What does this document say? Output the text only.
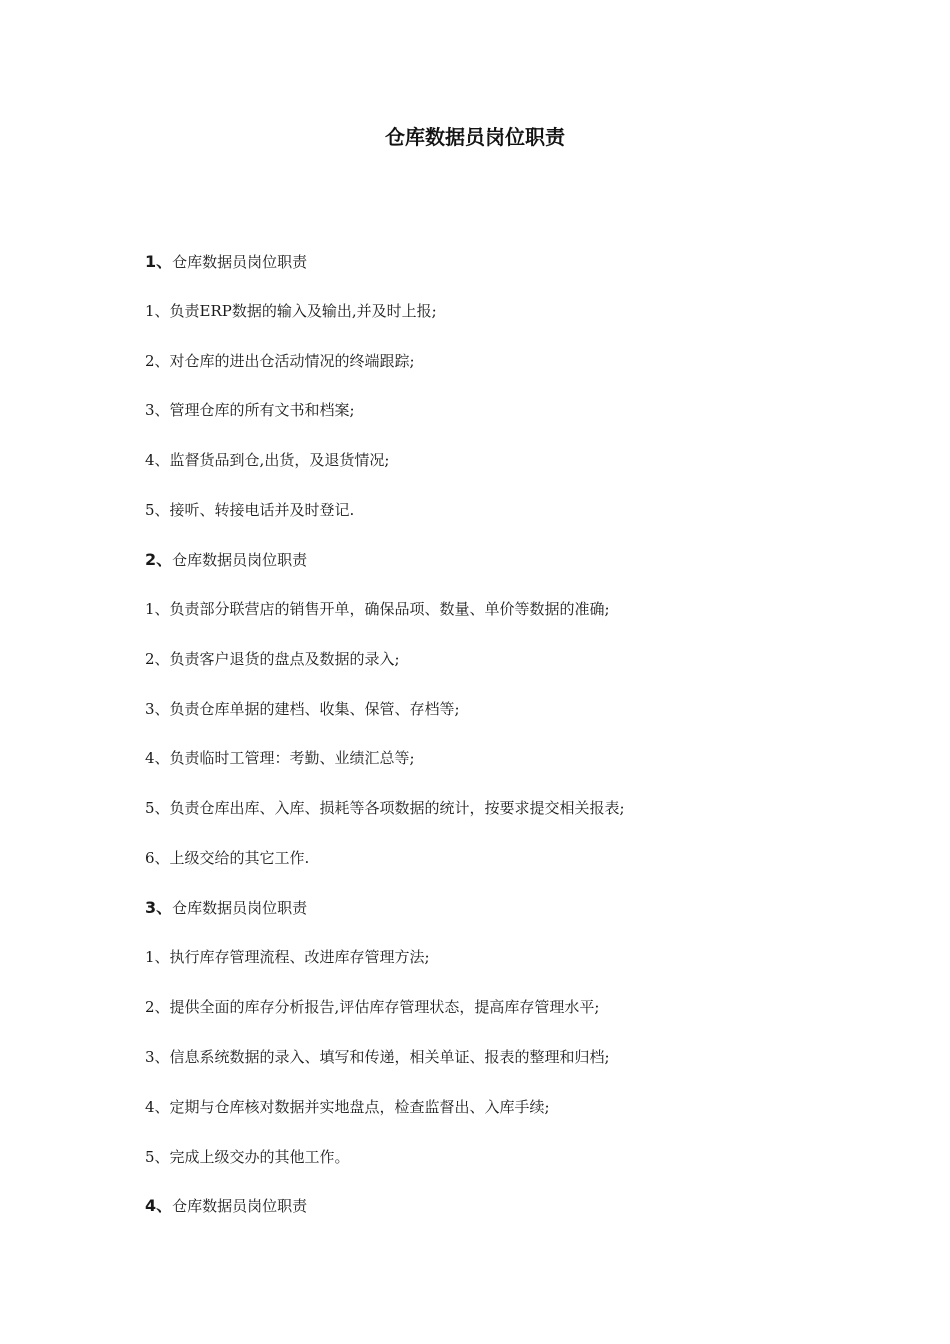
仓库数据员岗位职责
1、仓库数据员岗位职责
1、负责ERP数据的输入及输出,并及时上报;
2、对仓库的进出仓活动情况的终端跟踪;
3、管理仓库的所有文书和档案;
4、监督货品到仓,出货，及退货情况;
5、接听、转接电话并及时登记.
2、仓库数据员岗位职责
1、负责部分联营店的销售开单，确保品项、数量、单价等数据的准确;
2、负责客户退货的盘点及数据的录入;
3、负责仓库单据的建档、收集、保管、存档等;
4、负责临时工管理：考勤、业绩汇总等;
5、负责仓库出库、入库、损耗等各项数据的统计，按要求提交相关报表;
6、上级交给的其它工作.
3、仓库数据员岗位职责
1、执行库存管理流程、改进库存管理方法;
2、提供全面的库存分析报告,评估库存管理状态，提高库存管理水平;
3、信息系统数据的录入、填写和传递，相关单证、报表的整理和归档;
4、定期与仓库核对数据并实地盘点，检查监督出、入库手续;
5、完成上级交办的其他工作。
4、仓库数据员岗位职责
